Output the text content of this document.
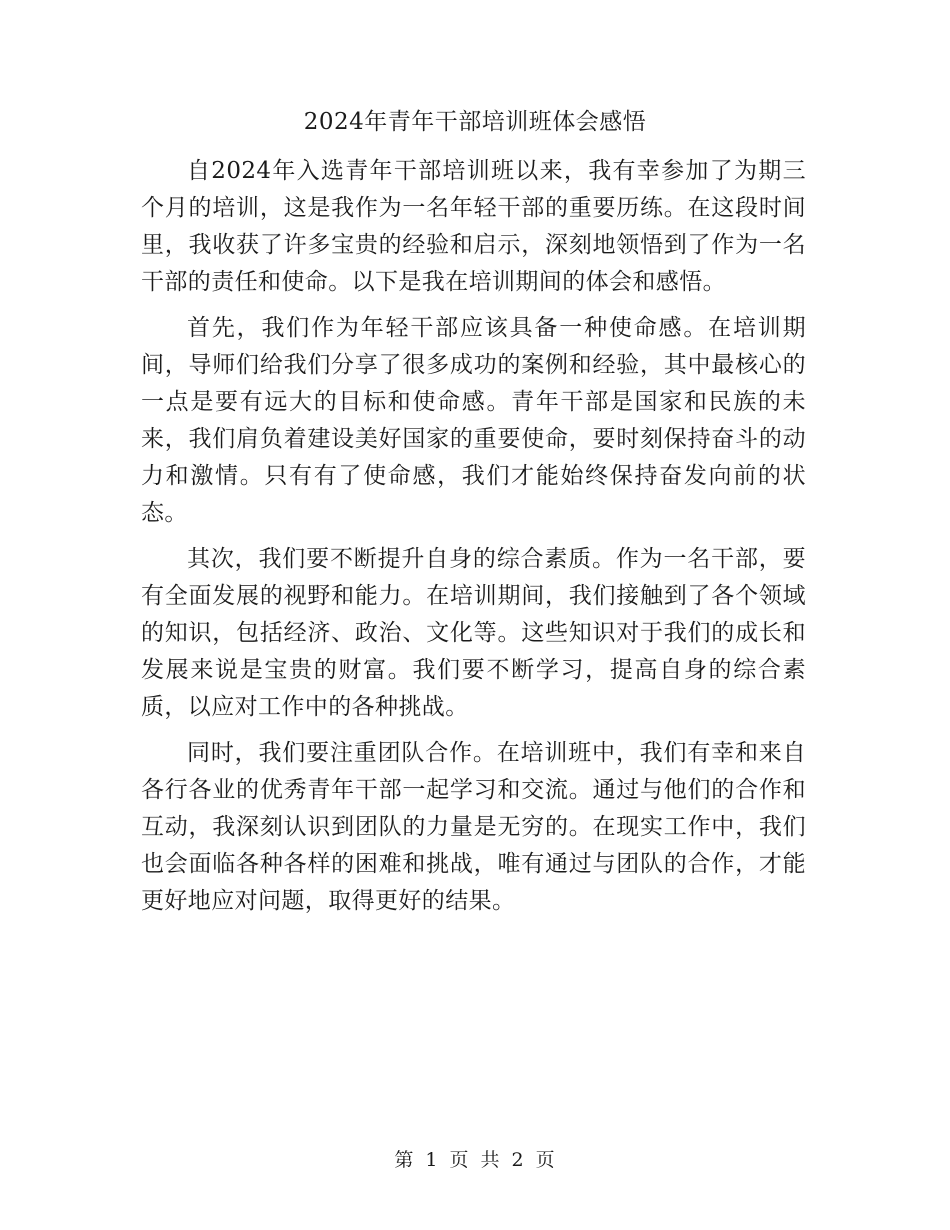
2024年青年干部培训班体会感悟

自2024年入选青年干部培训班以来，我有幸参加了为期三个月的培训，这是我作为一名年轻干部的重要历练。在这段时间里，我收获了许多宝贵的经验和启示，深刻地领悟到了作为一名干部的责任和使命。以下是我在培训期间的体会和感悟。

首先，我们作为年轻干部应该具备一种使命感。在培训期间，导师们给我们分享了很多成功的案例和经验，其中最核心的一点是要有远大的目标和使命感。青年干部是国家和民族的未来，我们肩负着建设美好国家的重要使命，要时刻保持奋斗的动力和激情。只有有了使命感，我们才能始终保持奋发向前的状态。

其次，我们要不断提升自身的综合素质。作为一名干部，要有全面发展的视野和能力。在培训期间，我们接触到了各个领域的知识，包括经济、政治、文化等。这些知识对于我们的成长和发展来说是宝贵的财富。我们要不断学习，提高自身的综合素质，以应对工作中的各种挑战。

同时，我们要注重团队合作。在培训班中，我们有幸和来自各行各业的优秀青年干部一起学习和交流。通过与他们的合作和互动，我深刻认识到团队的力量是无穷的。在现实工作中，我们也会面临各种各样的困难和挑战，唯有通过与团队的合作，才能更好地应对问题，取得更好的结果。

第 1 页 共 2 页
